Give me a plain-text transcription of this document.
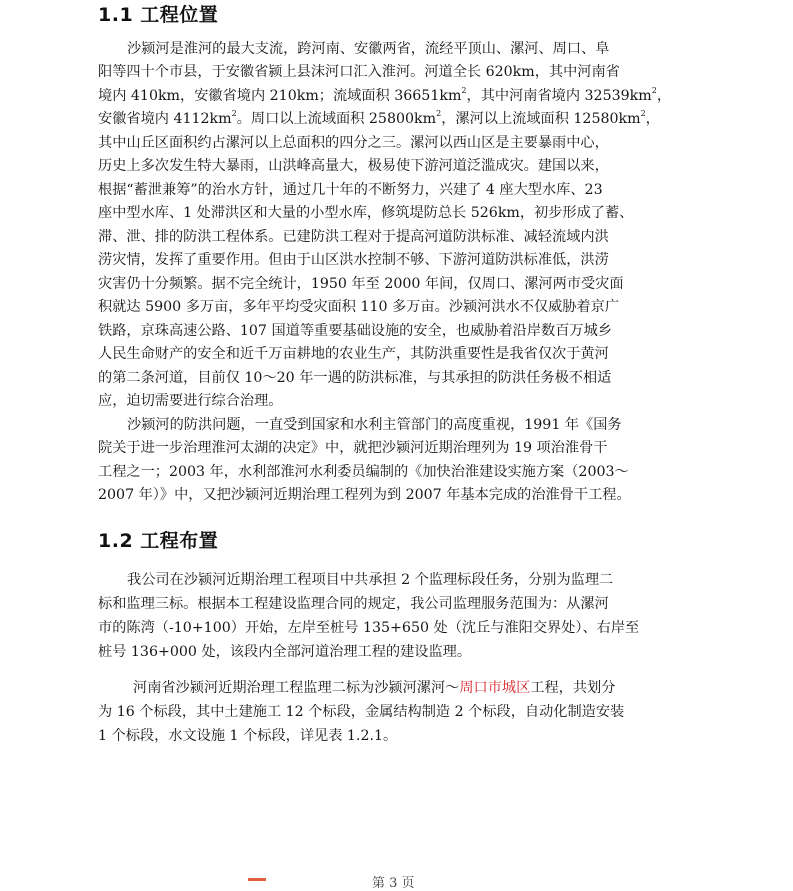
1.1 工程位置
沙颍河是淮河的最大支流，跨河南、安徽两省，流经平顶山、漯河、周口、阜
阳等四十个市县，于安徽省颍上县沫河口汇入淮河。河道全长 620km，其中河南省
境内 410km，安徽省境内 210km；流域面积 $36651km^2$，其中河南省境内 $32539km^2$，
安徽省境内 $4112km^2$。周口以上流域面积 $25800km^2$，漯河以上流域面积 $12580km^2$，
其中山丘区面积约占漯河以上总面积的四分之三。漯河以西山区是主要暴雨中心，
历史上多次发生特大暴雨，山洪峰高量大，极易使下游河道泛滥成灾。建国以来，
根据“蓄泄兼筹”的治水方针，通过几十年的不断努力，兴建了 4 座大型水库、23
座中型水库、1 处滞洪区和大量的小型水库，修筑堤防总长 526km，初步形成了蓄、
滞、泄、排的防洪工程体系。已建防洪工程对于提高河道防洪标准、减轻流域内洪
涝灾情，发挥了重要作用。但由于山区洪水控制不够、下游河道防洪标准低，洪涝
灾害仍十分频繁。据不完全统计，1950 年至 2000 年间，仅周口、漯河两市受灾面
积就达 5900 多万亩，多年平均受灾面积 110 多万亩。沙颍河洪水不仅威胁着京广
铁路，京珠高速公路、107 国道等重要基础设施的安全，也威胁着沿岸数百万城乡
人民生命财产的安全和近千万亩耕地的农业生产，其防洪重要性是我省仅次于黄河
的第二条河道，目前仅 10～20 年一遇的防洪标准，与其承担的防洪任务极不相适
应，迫切需要进行综合治理。
沙颍河的防洪问题，一直受到国家和水利主管部门的高度重视，1991 年《国务
院关于进一步治理淮河太湖的决定》中，就把沙颍河近期治理列为 19 项治淮骨干
工程之一；2003 年，水利部淮河水利委员编制的《加快治淮建设实施方案（2003～
2007 年）》中，又把沙颍河近期治理工程列为到 2007 年基本完成的治淮骨干工程。
1.2 工程布置
我公司在沙颍河近期治理工程项目中共承担 2 个监理标段任务，分别为监理二
标和监理三标。根据本工程建设监理合同的规定，我公司监理服务范围为：从漯河
市的陈湾（-10+100）开始，左岸至桩号 135+650 处（沈丘与淮阳交界处）、右岸至
桩号 136+000 处，该段内全部河道治理工程的建设监理。
河南省沙颍河近期治理工程监理二标为沙颍河漯河～周口市城区工程，共划分
为 16 个标段，其中土建施工 12 个标段，金属结构制造 2 个标段，自动化制造安装
1 个标段，水文设施 1 个标段，详见表 1.2.1。
第 3 页
